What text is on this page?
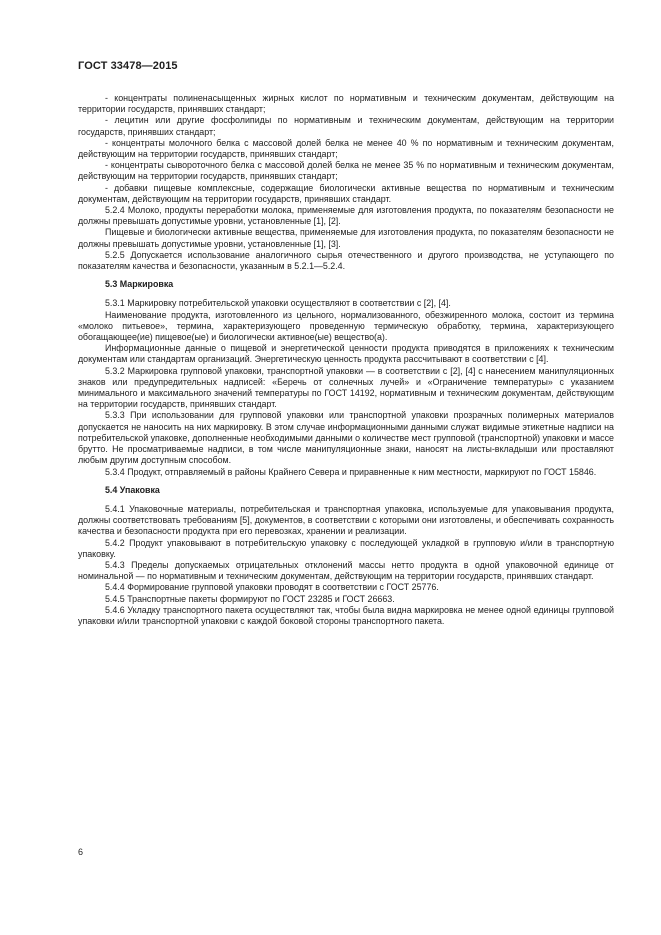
ГОСТ 33478—2015

- концентраты полиненасыщенных жирных кислот по нормативным и техническим документам, действующим на территории государств, принявших стандарт;

- лецитин или другие фосфолипиды по нормативным и техническим документам, действующим на территории государств, принявших стандарт;

- концентраты молочного белка с массовой долей белка не менее 40 % по нормативным и техническим документам, действующим на территории государств, принявших стандарт;

- концентраты сывороточного белка с массовой долей белка не менее 35 % по нормативным и техническим документам, действующим на территории государств, принявших стандарт;

- добавки пищевые комплексные, содержащие биологически активные вещества по нормативным и техническим документам, действующим на территории государств, принявших стандарт.

5.2.4 Молоко, продукты переработки молока, применяемые для изготовления продукта, по показателям безопасности не должны превышать допустимые уровни, установленные [1], [2].

Пищевые и биологически активные вещества, применяемые для изготовления продукта, по показателям безопасности не должны превышать допустимые уровни, установленные [1], [3].

5.2.5 Допускается использование аналогичного сырья отечественного и другого производства, не уступающего по показателям качества и безопасности, указанным в 5.2.1—5.2.4.

5.3 Маркировка

5.3.1 Маркировку потребительской упаковки осуществляют в соответствии с [2], [4].

Наименование продукта, изготовленного из цельного, нормализованного, обезжиренного молока, состоит из термина «молоко питьевое», термина, характеризующего проведенную термическую обработку, термина, характеризующего обогащающее(ие) пищевое(ые) и биологически активное(ые) вещество(а).

Информационные данные о пищевой и энергетической ценности продукта приводятся в приложениях к техническим документам или стандартам организаций. Энергетическую ценность продукта рассчитывают в соответствии с [4].

5.3.2 Маркировка групповой упаковки, транспортной упаковки — в соответствии с [2], [4] с нанесением манипуляционных знаков или предупредительных надписей: «Беречь от солнечных лучей» и «Ограничение температуры» с указанием минимального и максимального значений температуры по ГОСТ 14192, нормативным и техническим документам, действующим на территории государств, принявших стандарт.

5.3.3 При использовании для групповой упаковки или транспортной упаковки прозрачных полимерных материалов допускается не наносить на них маркировку. В этом случае информационными данными служат видимые этикетные надписи на потребительской упаковке, дополненные необходимыми данными о количестве мест групповой (транспортной) упаковки и массе брутто. Не просматриваемые надписи, в том числе манипуляционные знаки, наносят на листы-вкладыши или проставляют любым другим доступным способом.

5.3.4 Продукт, отправляемый в районы Крайнего Севера и приравненные к ним местности, маркируют по ГОСТ 15846.

5.4 Упаковка

5.4.1 Упаковочные материалы, потребительская и транспортная упаковка, используемые для упаковывания продукта, должны соответствовать требованиям [5], документов, в соответствии с которыми они изготовлены, и обеспечивать сохранность качества и безопасности продукта при его перевозках, хранении и реализации.

5.4.2 Продукт упаковывают в потребительскую упаковку с последующей укладкой в групповую и/или в транспортную упаковку.

5.4.3 Пределы допускаемых отрицательных отклонений массы нетто продукта в одной упаковочной единице от номинальной — по нормативным и техническим документам, действующим на территории государств, принявших стандарт.

5.4.4 Формирование групповой упаковки проводят в соответствии с ГОСТ 25776.

5.4.5 Транспортные пакеты формируют по ГОСТ 23285 и ГОСТ 26663.

5.4.6 Укладку транспортного пакета осуществляют так, чтобы была видна маркировка не менее одной единицы групповой упаковки и/или транспортной упаковки с каждой боковой стороны транспортного пакета.

6
